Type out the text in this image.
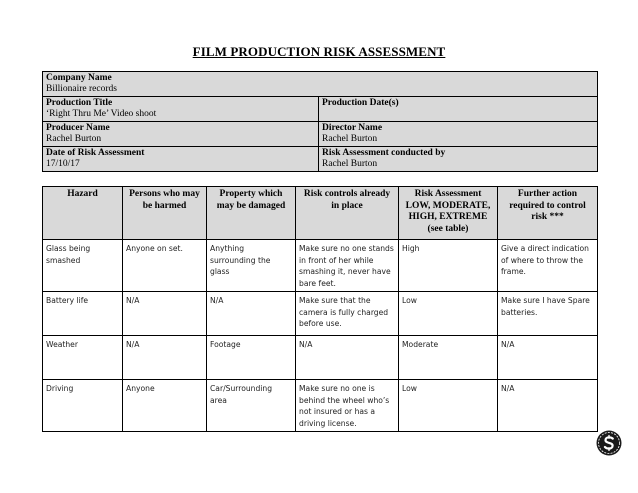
FILM PRODUCTION RISK ASSESSMENT
Company Name
Billionaire records	

Production Title
‘Right Thru Me’ Video shoot	Production Date(s)

Producer Name
Rachel Burton	Director Name
Rachel Burton

Date of Risk Assessment
17/10/17	Risk Assessment conducted by
Rachel Burton
Hazard	Persons who may be harmed	Property which may be damaged	Risk controls already in place	Risk Assessment LOW, MODERATE, HIGH, EXTREME (see table)	Further action required to control risk ***
Glass being smashed	Anyone on set.	Anything surrounding the glass	Make sure no one stands in front of her while smashing it, never have bare feet.	High	Give a direct indication of where to throw the frame.
Battery life	N/A	N/A	Make sure that the camera is fully charged before use.	Low	Make sure I have Spare batteries.
Weather	N/A	Footage	N/A	Moderate	N/A
Driving	Anyone	Car/Surrounding area	Make sure no one is behind the wheel who’s not insured or has a driving license.	Low	N/A
